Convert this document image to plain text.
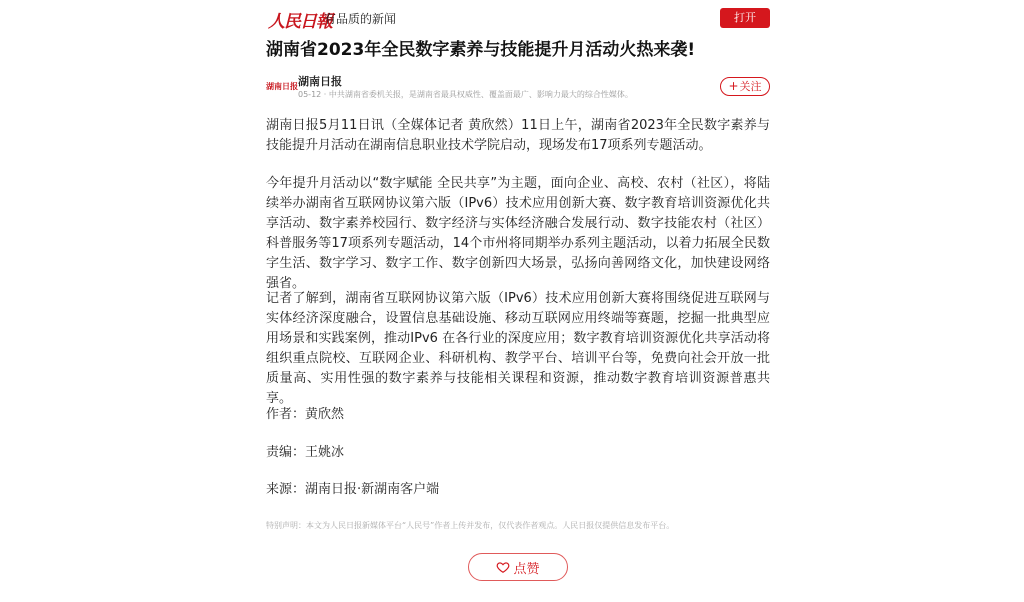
人民日報
有品质的新闻	打开
湖南省2023年全民数字素养与技能提升月活动火热来袭!
湖南日报 湖南日报
05-12 · 中共湖南省委机关报，是湖南省最具权威性、覆盖面最广、影响力最大的综合性媒体。
+关注

湖南日报5月11日讯（全媒体记者 黄欣然）11日上午，湖南省2023年全民数字素养与技能提升月活动在湖南信息职业技术学院启动，现场发布17项系列专题活动。

今年提升月活动以“数字赋能 全民共享”为主题，面向企业、高校、农村（社区），将陆续举办湖南省互联网协议第六版（IPv6）技术应用创新大赛、数字教育培训资源优化共享活动、数字素养校园行、数字经济与实体经济融合发展行动、数字技能农村（社区）科普服务等17项系列专题活动，14个市州将同期举办系列主题活动，以着力拓展全民数字生活、数字学习、数字工作、数字创新四大场景，弘扬向善网络文化，加快建设网络强省。

记者了解到，湖南省互联网协议第六版（IPv6）技术应用创新大赛将围绕促进互联网与实体经济深度融合，设置信息基础设施、移动互联网应用终端等赛题，挖掘一批典型应用场景和实践案例，推动IPv6 在各行业的深度应用；数字教育培训资源优化共享活动将组织重点院校、互联网企业、科研机构、教学平台、培训平台等，免费向社会开放一批质量高、实用性强的数字素养与技能相关课程和资源，推动数字教育培训资源普惠共享。

作者：黄欣然

责编：王姚冰

来源：湖南日报·新湖南客户端

特别声明：本文为人民日报新媒体平台“人民号”作者上传并发布，仅代表作者观点。人民日报仅提供信息发布平台。
点赞
